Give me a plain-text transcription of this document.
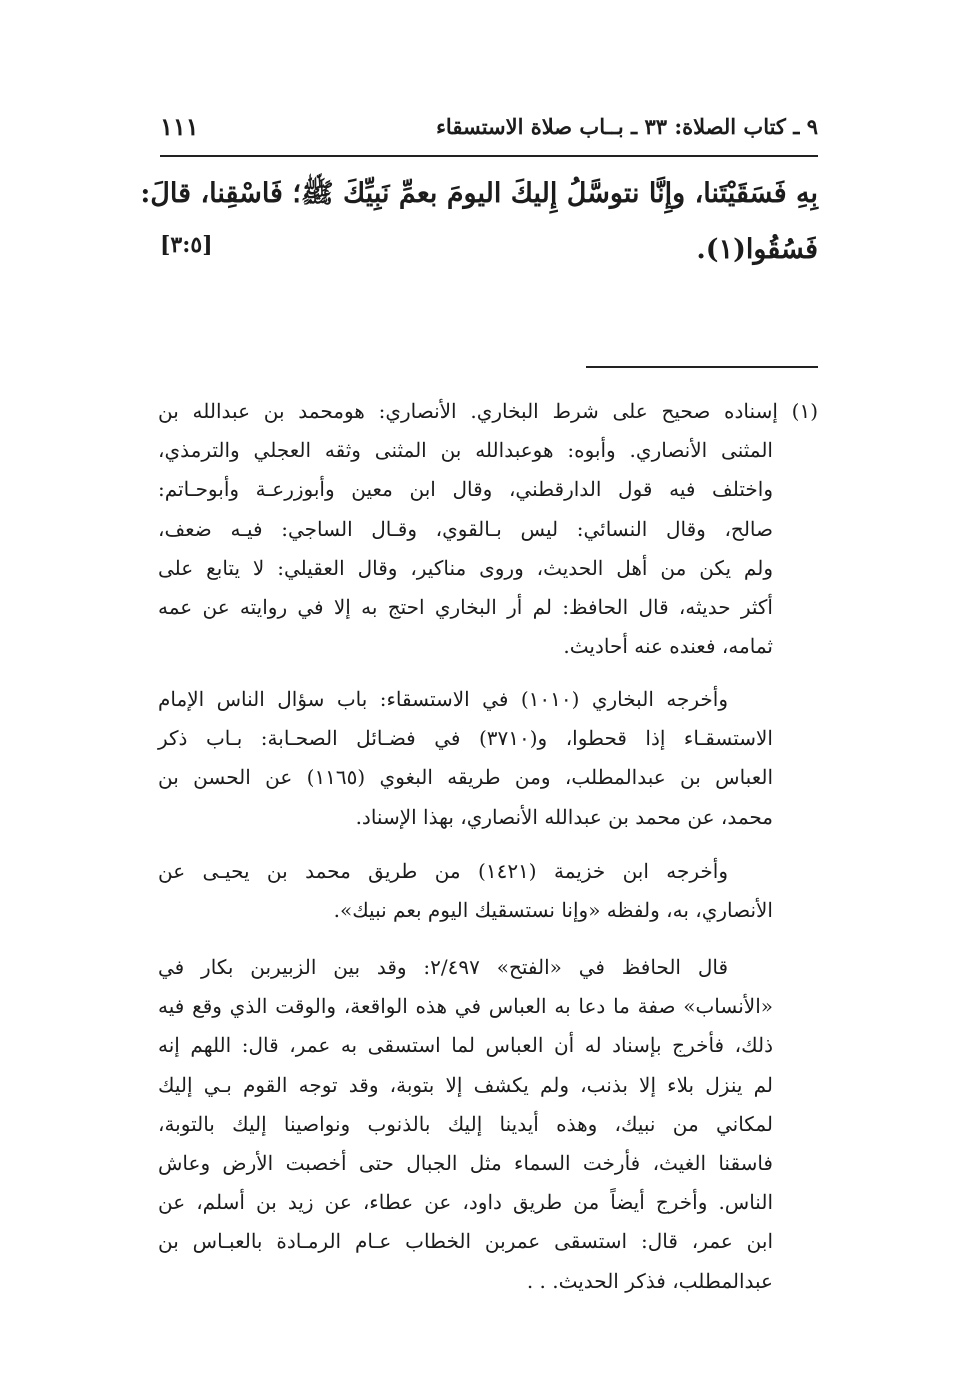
٩ ـ كتاب الصلاة: ٣٣ ـ بــاب صلاة الاستسقاء
١١١
بِهِ فَسَقَيْتَنا، وإِنَّا نتوسَّلُ إِليكَ اليومَ بعمِّ نَبِيِّكَ ﷺ؛ فَاسْقِنا، قالَ:
فَسُقُوا(١).
[٣:٥]
(١) إسناده صحيح على شرط البخاري. الأنصاري: هومحمد بن عبدالله بن
المثنى الأنصاري. وأبوه: هوعبدالله بن المثنى وثقه العجلي والترمذي،
واختلف فيه قول الدارقطني، وقال ابن معين وأبوزرعـة وأبوحـاتم:
صالح، وقال النسائي: ليس بـالقوي، وقـال الساجي: فيـه ضعف،
ولم يكن من أهل الحديث، وروى مناكير، وقال العقيلي: لا يتابع على
أكثر حديثه، قال الحافظ: لم أر البخاري احتج به إلا في روايته عن عمه
ثمامه، فعنده عنه أحاديث.
وأخرجه البخاري (١٠١٠) في الاستسقاء: باب سؤال الناس الإمام
الاستسقـاء إذا قحطوا، و(٣٧١٠) في فضـائل الصحـابة: بـاب ذكر
العباس بن عبدالمطلب، ومن طريقه البغوي (١١٦٥) عن الحسن بن
محمد، عن محمد بن عبدالله الأنصاري، بهذا الإسناد.
وأخرجه ابن خزيمة (١٤٢١) من طريق محمد بن يحيـى عن
الأنصاري، به، ولفظه «وإنا نستسقيك اليوم بعم نبيك».
قال الحافظ في «الفتح» ٢/٤٩٧: وقد بين الزبيربن بكار في
«الأنساب» صفة ما دعا به العباس في هذه الواقعة، والوقت الذي وقع فيه
ذلك، فأخرج بإسناد له أن العباس لما استسقى به عمر، قال: اللهم إنه
لم ينزل بلاء إلا بذنب، ولم يكشف إلا بتوبة، وقد توجه القوم بـي إليك
لمكاني من نبيك، وهذه أيدينا إليك بالذنوب ونواصينا إليك بالتوبة،
فاسقنا الغيث، فأرخت السماء مثل الجبال حتى أخصبت الأرض وعاش
الناس. وأخرج أيضاً من طريق داود، عن عطاء، عن زيد بن أسلم، عن
ابن عمر، قال: استسقى عمربن الخطاب عـام الرمـادة بالعبـاس بن
عبدالمطلب، فذكر الحديث. . .
